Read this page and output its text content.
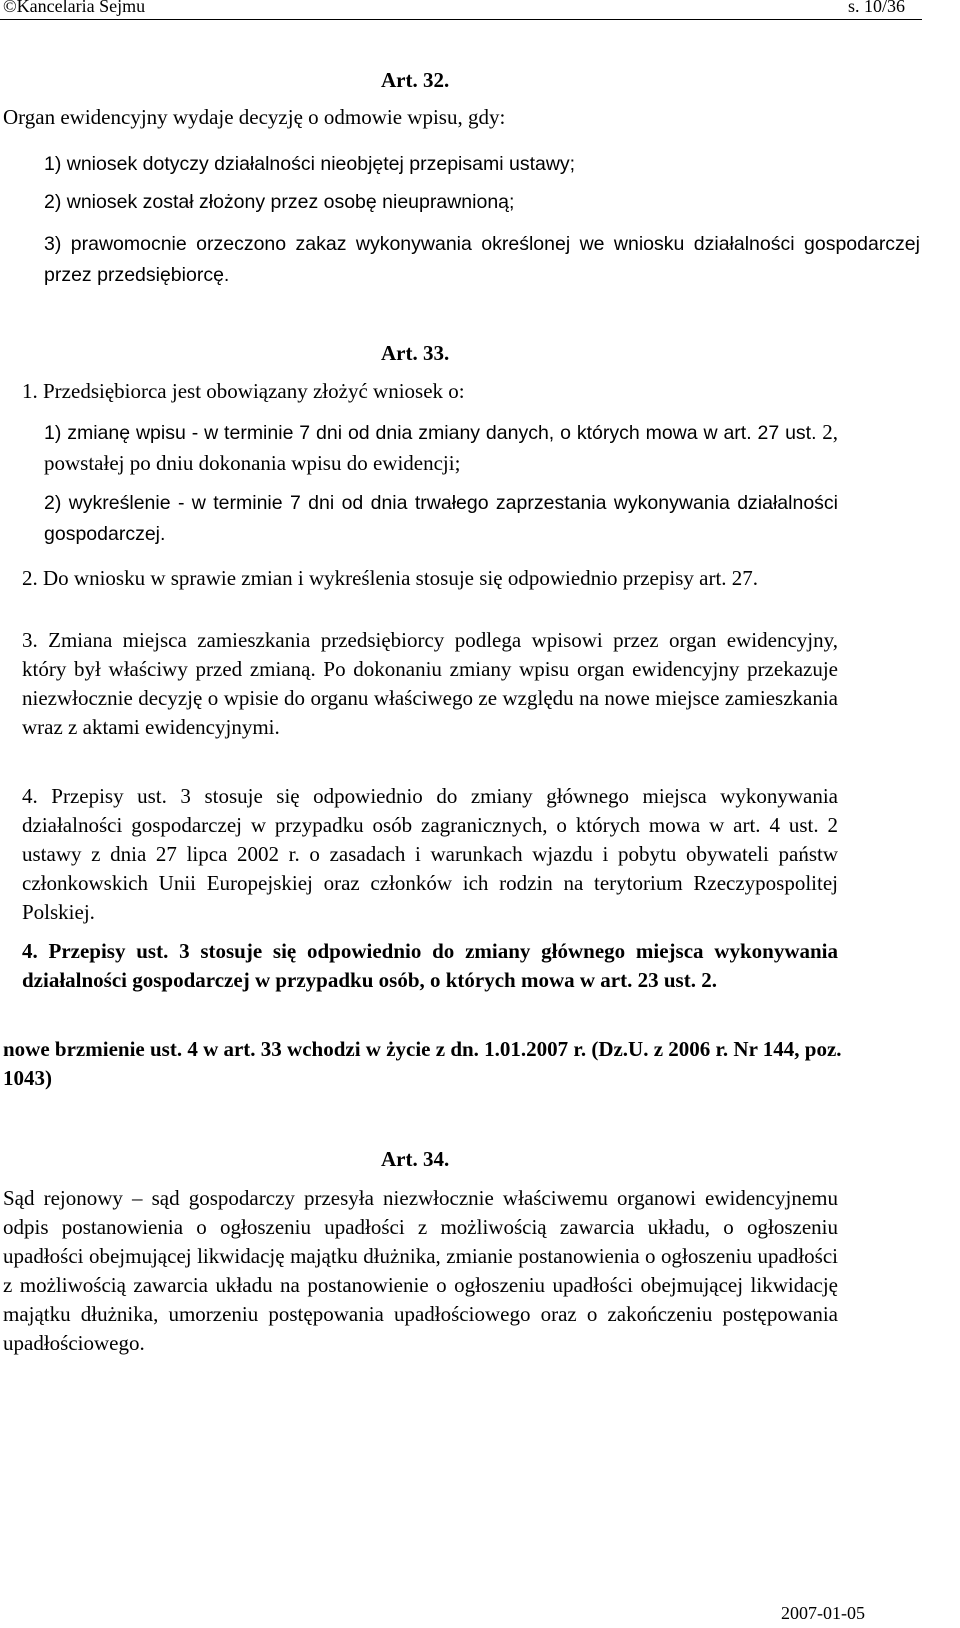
©Kancelaria Sejmu	s. 10/36
Art. 32.

Organ ewidencyjny wydaje decyzję o odmowie wpisu, gdy:

1) wniosek dotyczy działalności nieobjętej przepisami ustawy;

2) wniosek został złożony przez osobę nieuprawnioną;

3) prawomocnie orzeczono zakaz wykonywania określonej we wniosku działalności gospodarczej przez przedsiębiorcę.

Art. 33.

1. Przedsiębiorca jest obowiązany złożyć wniosek o:

1) zmianę wpisu - w terminie 7 dni od dnia zmiany danych, o których mowa w art. 27 ust. 2, powstałej po dniu dokonania wpisu do ewidencji;

2) wykreślenie - w terminie 7 dni od dnia trwałego zaprzestania wykonywania działalności gospodarczej.

2. Do wniosku w sprawie zmian i wykreślenia stosuje się odpowiednio przepisy art. 27.

3. Zmiana miejsca zamieszkania przedsiębiorcy podlega wpisowi przez organ ewidencyjny, który był właściwy przed zmianą. Po dokonaniu zmiany wpisu organ ewidencyjny przekazuje niezwłocznie decyzję o wpisie do organu właściwego ze względu na nowe miejsce zamieszkania wraz z aktami ewidencyjnymi.

4. Przepisy ust. 3 stosuje się odpowiednio do zmiany głównego miejsca wykonywania działalności gospodarczej w przypadku osób zagranicznych, o których mowa w art. 4 ust. 2 ustawy z dnia 27 lipca 2002 r. o zasadach i warunkach wjazdu i pobytu obywateli państw członkowskich Unii Europejskiej oraz członków ich rodzin na terytorium Rzeczypospolitej Polskiej.

4. Przepisy ust. 3 stosuje się odpowiednio do zmiany głównego miejsca wykonywania działalności gospodarczej w przypadku osób, o których mowa w art. 23 ust. 2.

nowe brzmienie ust. 4 w art. 33 wchodzi w życie z dn. 1.01.2007 r. (Dz.U. z 2006 r. Nr 144, poz. 1043)

Art. 34.

Sąd rejonowy – sąd gospodarczy przesyła niezwłocznie właściwemu organowi ewidencyjnemu odpis postanowienia o ogłoszeniu upadłości z możliwością zawarcia układu, o ogłoszeniu upadłości obejmującej likwidację majątku dłużnika, zmianie postanowienia o ogłoszeniu upadłości z możliwością zawarcia układu na postanowienie o ogłoszeniu upadłości obejmującej likwidację majątku dłużnika, umorzeniu postępowania upadłościowego oraz o zakończeniu postępowania upadłościowego.

2007-01-05
